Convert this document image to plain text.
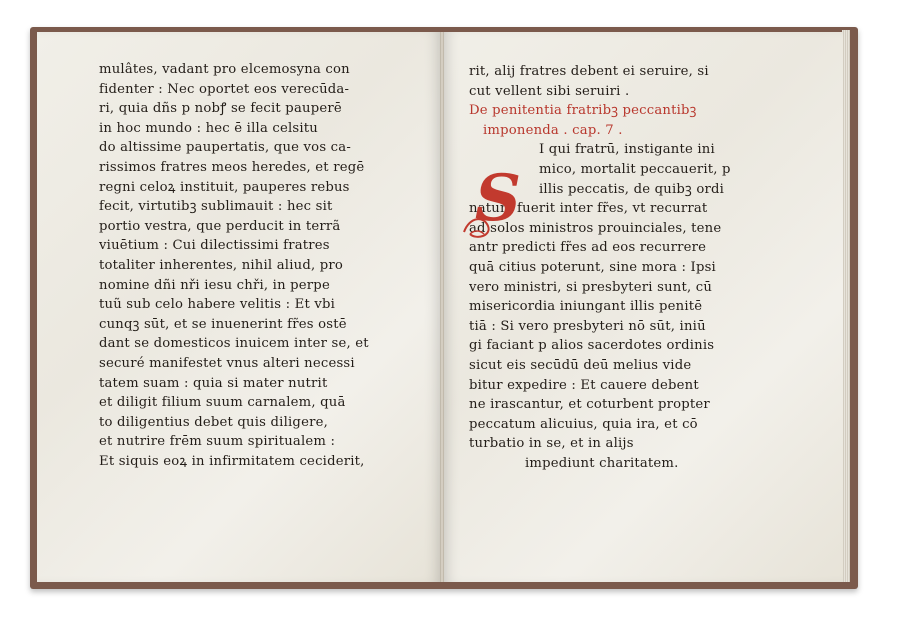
mulâtes, vadant pro elcemosyna con
fidenter : Nec oportet eos verecūda-
ri, quia dñs p nobꝭ se fecit pauperē
in hoc mundo : hec ē illa celsitu
do altissime paupertatis, que vos ca-
rissimos fratres meos heredes, et regē
regni celoꝝ instituit, pauperes rebus
fecit, virtutibꝫ sublimauit : hec sit
portio vestra, que perducit in terrã
viuētium : Cui dilectissimi fratres
totaliter inherentes, nihil aliud, pro
nomine dñi nři iesu chři, in perpe
tuũ sub celo habere velitis : Et vbi
cunqꝫ sūt, et se inuenerint fr̃es ostē
dant se domesticos inuicem inter se, et
securé manifestet vnus alteri necessi
tatem suam : quia si mater nutrit
et diligit filium suum carnalem, quā
to diligentius debet quis diligere,
et nutrire frēm suum spiritualem :
Et siquis eoꝝ in infirmitatem ceciderit,
rit, alij fratres debent ei seruire, si
cut vellent sibi seruiri .
De penitentia fratribꝫ peccantibꝫ
imponenda . cap. 7 .
I qui fratrū, instigante ini
mico, mortalit peccauerit, p
illis peccatis, de quibꝫ ordi
natum fuerit inter fr̃es, vt recurrat
ad solos ministros prouinciales, tene
antr predicti fr̃es ad eos recurrere
quā citius poterunt, sine mora : Ipsi
vero ministri, si presbyteri sunt, cū
misericordia iniungant illis penitē
tiā : Si vero presbyteri nō sūt, iniū
gi faciant p alios sacerdotes ordinis
sicut eis secūdū deū melius vide
bitur expedire : Et cauere debent
ne irascantur, et coturbent propter
peccatum alicuius, quia ira, et cō
turbatio in se, et in alijs
impediunt charitatem.
S
